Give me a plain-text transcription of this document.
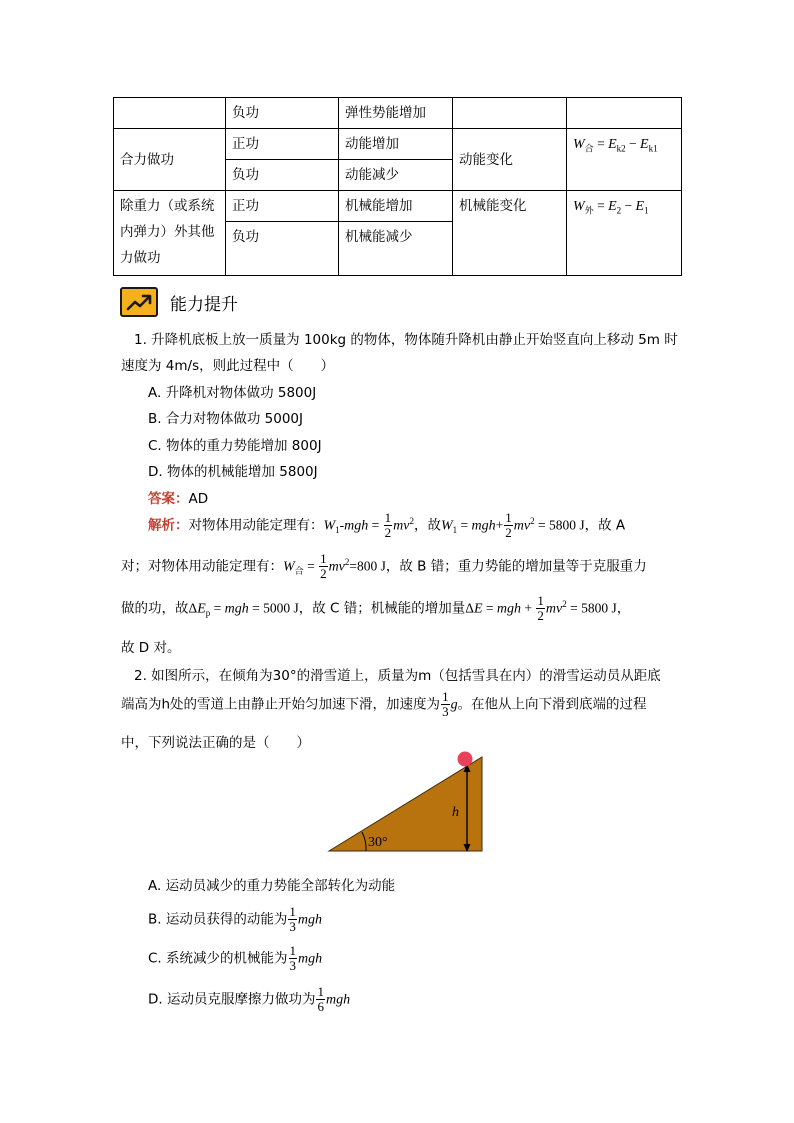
	负功	弹性势能增加		
合力做功	正功	动能增加	动能变化	$W_合 = E_{k2} - E_{k1}$
	负功	动能减少		
除重力（或系统内弹力）外其他力做功	正功	机械能增加	机械能变化	$W_外 = E_2 - E_1$
	负功	机械能减少		
能力提升
1. 升降机底板上放一质量为 100kg 的物体，物体随升降机由静止开始竖直向上移动 5m 时
速度为 4m/s，则此过程中（　　）
A. 升降机对物体做功 5800J
B. 合力对物体做功 5000J
C. 物体的重力势能增加 800J
D. 物体的机械能增加 5800J
答案：AD
解析：对物体用动能定理有：$W_1$-mgh = $\frac{1}{2} mv^2$，故$W_1 = mgh+ \frac{1}{2} mv^2 = 5800$ J，故 A
对；对物体用动能定理有：$W_合 = \frac{1}{2} mv^2=800$ J，故 B 错；重力势能的增加量等于克服重力
做的功，故$\Delta E_p$ = mgh = 5000 J，故 C 错；机械能的增加量ΔE = mgh + $\frac{1}{2} mv^2 = 5800$ J，
故 D 对。
2. 如图所示，在倾角为30°的滑雪道上，质量为m（包括雪具在内）的滑雪运动员从距底
端高为h处的雪道上由静止开始匀加速下滑，加速度为 $\frac{1}{3}$ g。在他从上向下滑到底端的过程
中，下列说法正确的是（　　）
30°
h
A. 运动员减少的重力势能全部转化为动能
B. 运动员获得的动能为 $\frac{1}{3}$ mgh
C. 系统减少的机械能为 $\frac{1}{3}$ mgh
D. 运动员克服摩擦力做功为 $\frac{1}{6}$ mgh
